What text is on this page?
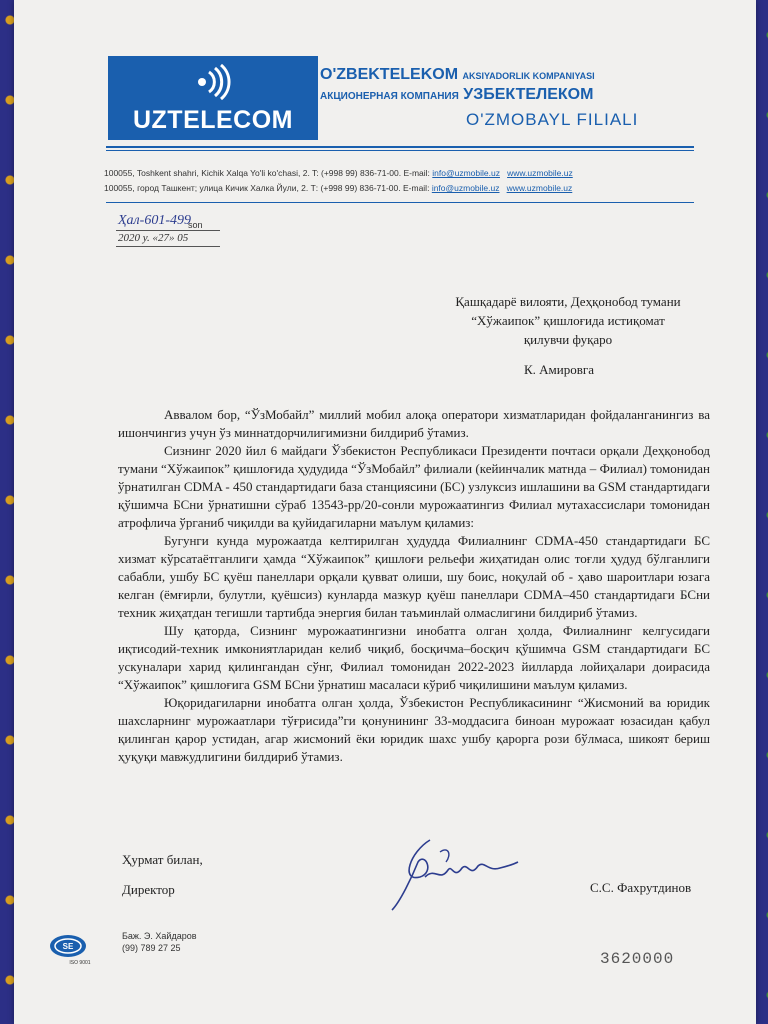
UZTELECOM
O'ZBEKTELEKOM AKSIYADORLIK KOMPANIYASI
АКЦИОНЕРНАЯ КОМПАНИЯ УЗБЕКТЕЛЕКОМ
O'ZMOBAYL FILIALI
100055, Toshkent shahri, Kichik Xalqa Yo'li ko'chasi, 2. T: (+998 99) 836-71-00. E-mail: info@uzmobile.uz www.uzmobile.uz
100055, город Ташкент; улица Кичик Халка Йули, 2. Т: (+998 99) 836-71-00. E-mail: info@uzmobile.uz www.uzmobile.uz
Ҳал-601-499
son
2020 у. «27» 05
Қашқадарё вилояти, Деҳқонобод тумани
“Хўжаипок” қишлоғида истиқомат
қилувчи фуқаро
К. Амировга

Аввалом бор, “ЎзМобайл” миллий мобил алоқа оператори хизматларидан фойдаланганингиз ва ишончингиз учун ўз миннатдорчилигимизни билдириб ўтамиз.

Сизнинг 2020 йил 6 майдаги Ўзбекистон Республикаси Президенти почтаси орқали Деҳқонобод тумани “Хўжаипок” қишлоғида ҳудудида “ЎзМобайл” филиали (кейинчалик матнда – Филиал) томонидан ўрнатилган CDMA - 450 стандартидаги база станциясини (БС) узлуксиз ишлашини ва GSM стандартидаги қўшимча БСни ўрнатишни сўраб 13543-рр/20-сонли мурожаатингиз Филиал мутахассислари томонидан атрофлича ўрганиб чиқилди ва қуйидагиларни маълум қиламиз:

Бугунги кунда мурожаатда келтирилган ҳудудда Филиалнинг CDMA-450 стандартидаги БС хизмат кўрсатаётганлиги ҳамда “Хўжаипок” қишлоғи рельефи жиҳатидан олис тоғли ҳудуд бўлганлиги сабабли, ушбу БС қуёш панеллари орқали қувват олиши, шу боис, ноқулай об - ҳаво шароитлари юзага келган (ёмғирли, булутли, қуёшсиз) кунларда мазкур қуёш панеллари CDMA–450 стандартидаги БСни техник жиҳатдан тегишли тартибда энергия билан таъминлай олмаслигини билдириб ўтамиз.

Шу қаторда, Сизнинг мурожаатингизни инобатга олган ҳолда, Филиалнинг келгусидаги иқтисодий-техник имкониятларидан келиб чиқиб, босқичма–босқич қўшимча GSM стандартидаги БС ускуналари харид қилингандан сўнг, Филиал томонидан 2022-2023 йилларда лойиҳалари доирасида “Хўжаипок” қишлоғига GSM БСни ўрнатиш масаласи кўриб чиқилишини маълум қиламиз.

Юқоридагиларни инобатга олган ҳолда, Ўзбекистон Республикасининг “Жисмоний ва юридик шахсларнинг мурожаатлари тўғрисида”ги қонунининг 33-моддасига биноан мурожаат юзасидан қабул қилинган қарор устидан, агар жисмоний ёки юридик шахс ушбу қарорга рози бўлмаса, шикоят бериш ҳуқуқи мавжудлигини билдириб ўтамиз.

Ҳурмат билан,
Директор	С.С. Фахрутдинов
SE
ISO 9001
Бaж. Э. Хайдаров
(99) 789 27 25
3620000
